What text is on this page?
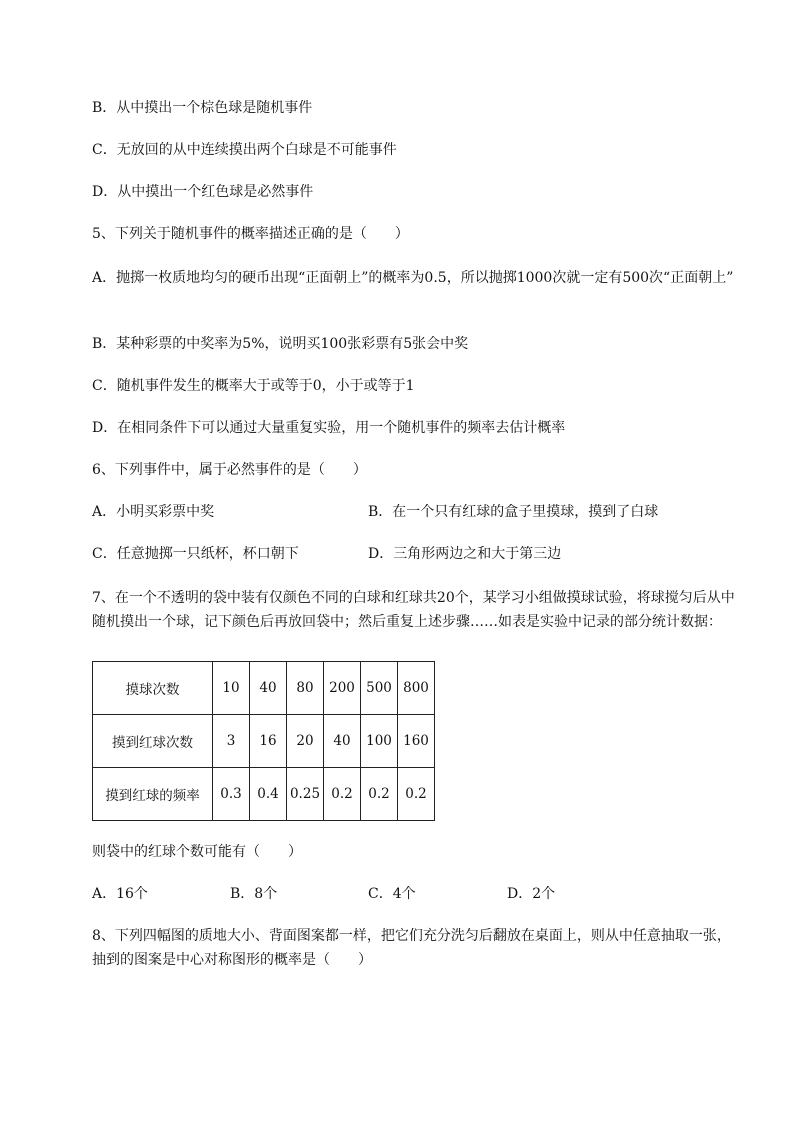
B．从中摸出一个棕色球是随机事件
C．无放回的从中连续摸出两个白球是不可能事件
D．从中摸出一个红色球是必然事件
5、下列关于随机事件的概率描述正确的是（　　）
A．抛掷一枚质地均匀的硬币出现“正面朝上”的概率为0.5，所以抛掷1000次就一定有500次“正面朝上”
B．某种彩票的中奖率为5%，说明买100张彩票有5张会中奖
C．随机事件发生的概率大于或等于0，小于或等于1
D．在相同条件下可以通过大量重复实验，用一个随机事件的频率去估计概率
6、下列事件中，属于必然事件的是（　　）
A．小明买彩票中奖	B．在一个只有红球的盒子里摸球，摸到了白球
C．任意抛掷一只纸杯，杯口朝下	D．三角形两边之和大于第三边
7、在一个不透明的袋中装有仅颜色不同的白球和红球共20个，某学习小组做摸球试验，将球搅匀后从中随机摸出一个球，记下颜色后再放回袋中；然后重复上述步骤……如表是实验中记录的部分统计数据：
摸球次数	10	40	80	200	500	800
摸到红球次数	3	16	20	40	100	160
摸到红球的频率	0.3	0.4	0.25	0.2	0.2	0.2
则袋中的红球个数可能有（　　）
A．16个	B．8个	C．4个	D．2个
8、下列四幅图的质地大小、背面图案都一样，把它们充分洗匀后翻放在桌面上，则从中任意抽取一张，抽到的图案是中心对称图形的概率是（　　）
